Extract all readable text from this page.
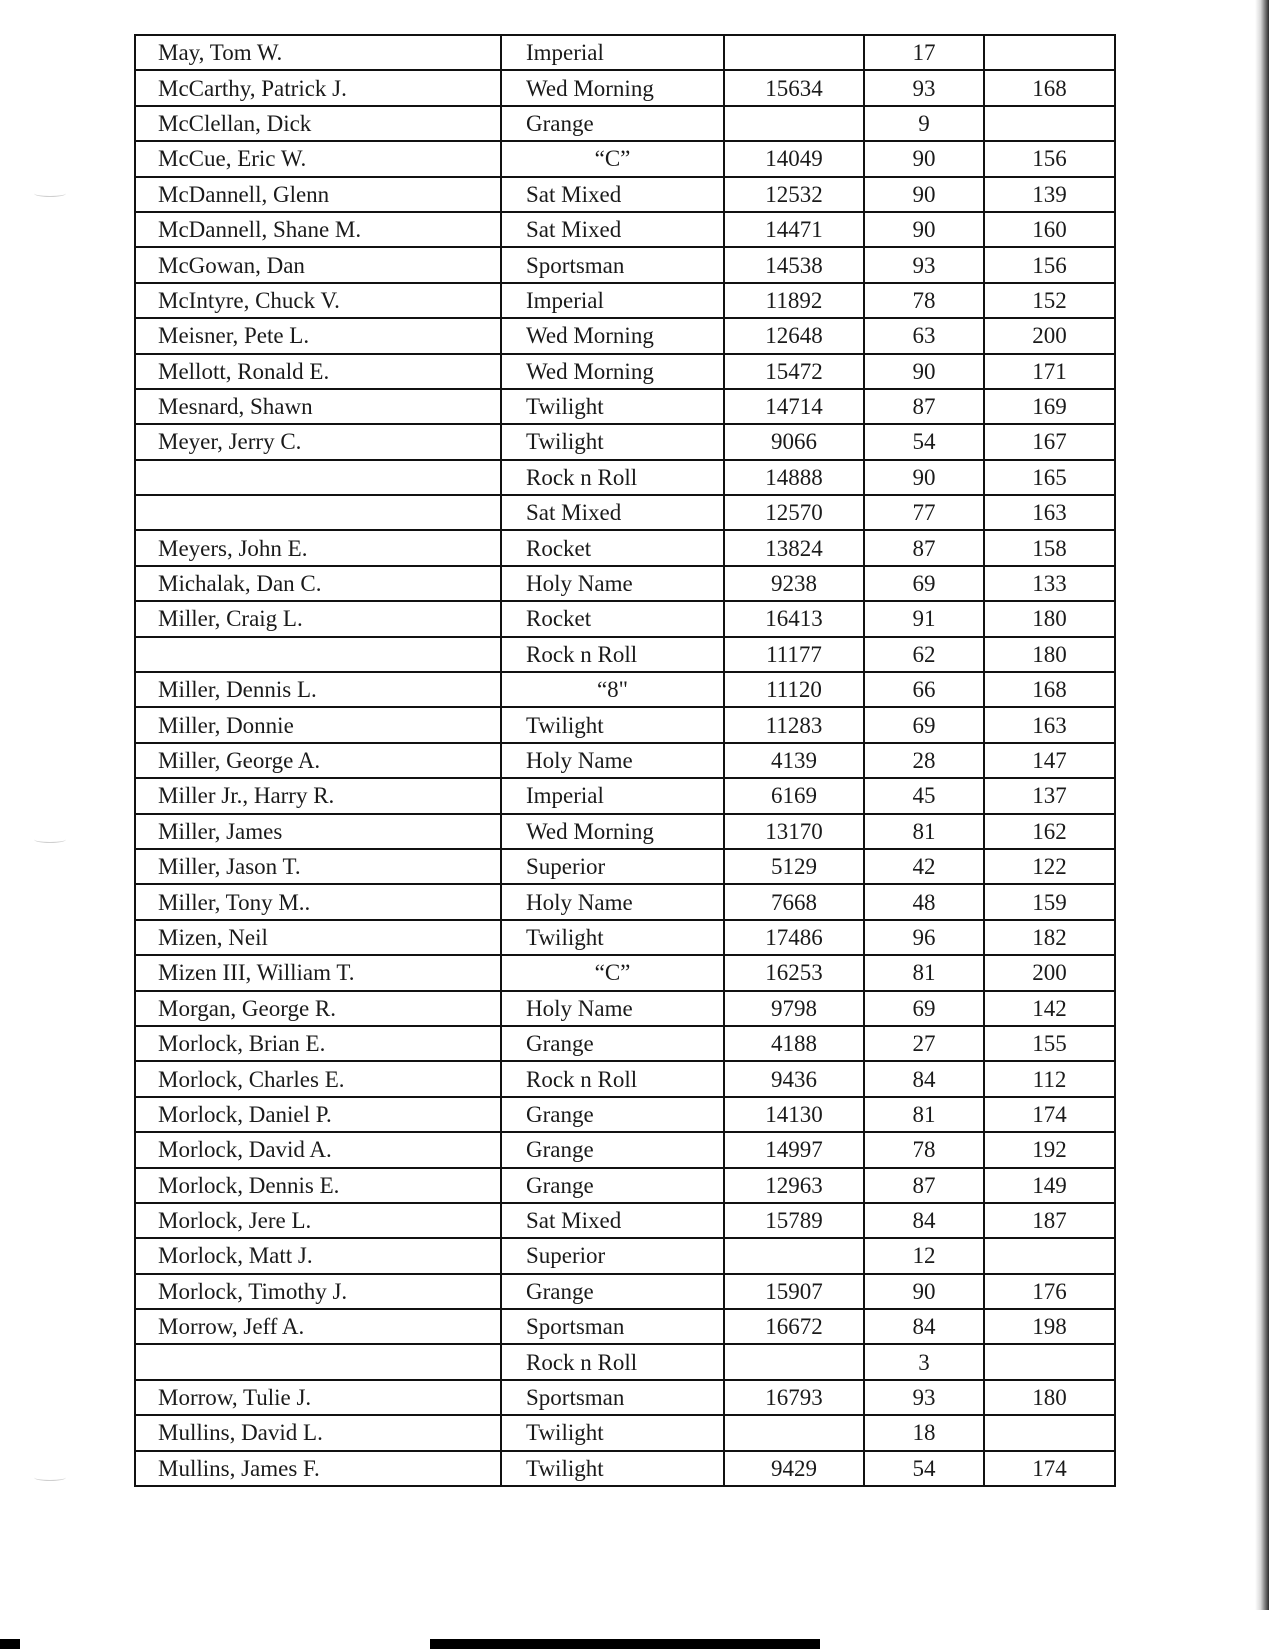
May, Tom W.	Imperial		17	
McCarthy, Patrick J.	Wed Morning	15634	93	168
McClellan, Dick	Grange		9	
McCue, Eric W.	“C”	14049	90	156
McDannell, Glenn	Sat Mixed	12532	90	139
McDannell, Shane M.	Sat Mixed	14471	90	160
McGowan, Dan	Sportsman	14538	93	156
McIntyre, Chuck V.	Imperial	11892	78	152
Meisner, Pete L.	Wed Morning	12648	63	200
Mellott, Ronald E.	Wed Morning	15472	90	171
Mesnard, Shawn	Twilight	14714	87	169
Meyer, Jerry C.	Twilight	9066	54	167
	Rock n Roll	14888	90	165
	Sat Mixed	12570	77	163
Meyers, John E.	Rocket	13824	87	158
Michalak, Dan C.	Holy Name	9238	69	133
Miller, Craig L.	Rocket	16413	91	180
	Rock n Roll	11177	62	180
Miller, Dennis L.	“8"	11120	66	168
Miller, Donnie	Twilight	11283	69	163
Miller, George A.	Holy Name	4139	28	147
Miller Jr., Harry R.	Imperial	6169	45	137
Miller, James	Wed Morning	13170	81	162
Miller, Jason T.	Superior	5129	42	122
Miller, Tony M..	Holy Name	7668	48	159
Mizen, Neil	Twilight	17486	96	182
Mizen III, William T.	“C”	16253	81	200
Morgan, George R.	Holy Name	9798	69	142
Morlock, Brian E.	Grange	4188	27	155
Morlock, Charles E.	Rock n Roll	9436	84	112
Morlock, Daniel P.	Grange	14130	81	174
Morlock, David A.	Grange	14997	78	192
Morlock, Dennis E.	Grange	12963	87	149
Morlock, Jere L.	Sat Mixed	15789	84	187
Morlock, Matt J.	Superior		12	
Morlock, Timothy J.	Grange	15907	90	176
Morrow, Jeff A.	Sportsman	16672	84	198
	Rock n Roll		3	
Morrow, Tulie J.	Sportsman	16793	93	180
Mullins, David L.	Twilight		18	
Mullins, James F.	Twilight	9429	54	174
